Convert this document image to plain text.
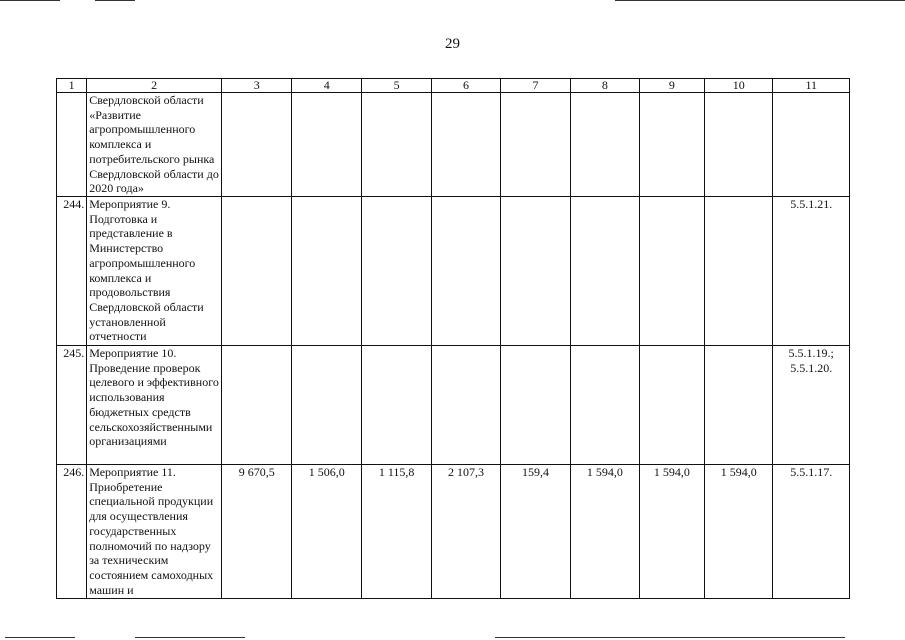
29
1	2	3	4	5	6	7	8	9	10	11
	Свердловской области «Развитие агропромышленного комплекса и потребительского рынка Свердловской области до 2020 года»									
244.	Мероприятие 9. Подготовка и представление в Министерство агропромышленного комплекса и продовольствия Свердловской области установленной отчетности									5.5.1.21.
245.	Мероприятие 10. Проведение проверок целевого и эффективного использования бюджетных средств сельскохозяйственными организациями									5.5.1.19.;
5.5.1.20.
246.	Мероприятие 11. Приобретение специальной продукции для осуществления государственных полномочий по надзору за техническим состоянием самоходных машин и	9 670,5	1 506,0	1 115,8	2 107,3	159,4	1 594,0	1 594,0	1 594,0	5.5.1.17.
